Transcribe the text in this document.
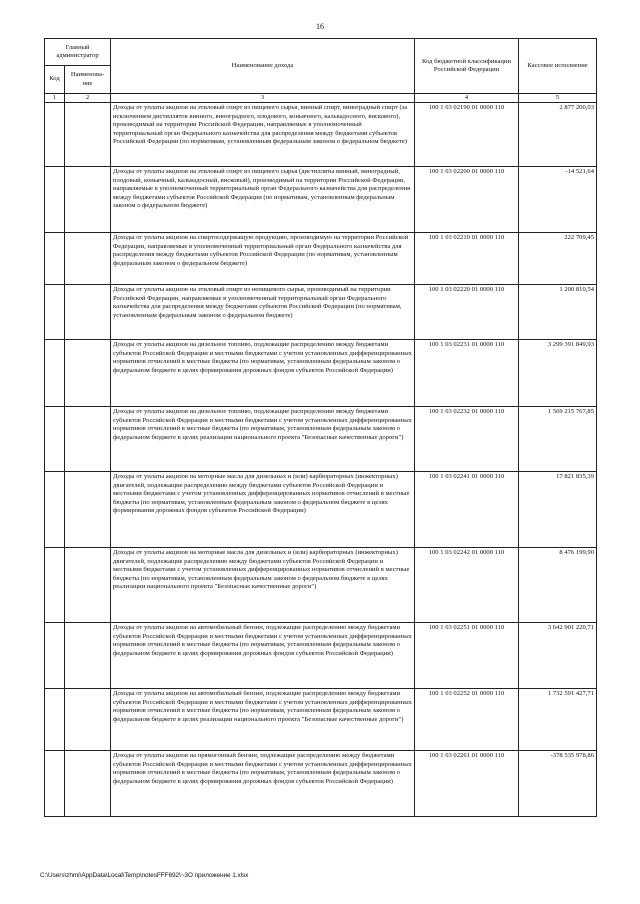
16
Главный администратор		Наименование дохода	Код бюджетной классификации Российской Федерации	Кассовое исполнение
Код	Наименова-ние			
1	2	3	4	5
		Доходы от уплаты акцизов на этиловый спирт из пищевого сырья, винный спирт, виноградный спирт (за исключением дистиллятов винного, виноградного, плодового, коньячного, кальвадосного, вискового), производимый на территории Российской Федерации, направляемые в уполномоченный территориальный орган Федерального казначейства для распределения между бюджетами субъектов Российской Федерации (по нормативам, установленным федеральным законом о федеральном бюджете)	100 1 03 02190 01 0000 110	2 877 200,03
		Доходы от уплаты акцизов на этиловый спирт из пищевого сырья (дистилляты винный, виноградный, плодовый, коньячный, кальвадосный, висковый), производимый на территории Российской Федерации, направляемые в уполномоченный территориальный орган Федерального казначейства для распределения между бюджетами субъектов Российской Федерации (по нормативам, установленным федеральным законом о федеральном бюджете)	100 1 03 02200 01 0000 110	-14 521,64
		Доходы от уплаты акцизов на спиртосодержащую продукцию, производимую на территории Российской Федерации, направляемые в уполномоченный территориальный орган Федерального казначейства для распределения между бюджетами субъектов Российской Федерации (по нормативам, установленным федеральным законом о федеральном бюджете)	100 1 03 02210 01 0000 110	222 709,45
		Доходы от уплаты акцизов на этиловый спирт из непищевого сырья, производимый на территории Российской Федерации, направляемые в уполномоченный территориальный орган Федерального казначейства для распределения между бюджетами субъектов Российской Федерации (по нормативам, установленным федеральным законом о федеральном бюджете)	100 1 03 02220 01 0000 110	1 200 810,54
		Доходы от уплаты акцизов на дизельное топливо, подлежащие распределению между бюджетами субъектов Российской Федерации и местными бюджетами с учетом установленных дифференцированных нормативов отчислений в местные бюджеты (по нормативам, установленным федеральным законом о федеральном бюджете в целях формирования дорожных фондов субъектов Российской Федерации)	100 1 03 02231 01 0000 110	3 299 391 849,93
		Доходы от уплаты акцизов на дизельное топливо, подлежащие распределению между бюджетами субъектов Российской Федерации и местными бюджетами с учетом установленных дифференцированных нормативов отчислений в местные бюджеты (по нормативам, установленным федеральным законом о федеральном бюджете в целях реализации национального проекта "Безопасные качественные дороги")	100 1 03 02232 01 0000 110	1 569 215 767,85
		Доходы от уплаты акцизов на моторные масла для дизельных и (или) карбюраторных (инжекторных) двигателей, подлежащие распределению между бюджетами субъектов Российской Федерации и местными бюджетами с учетом установленных дифференцированных нормативов отчислений в местные бюджеты (по нормативам, установленным федеральным законом о федеральном бюджете в целях формирования дорожных фондов субъектов Российской Федерации)	100 1 03 02241 01 0000 110	17 821 835,39
		Доходы от уплаты акцизов на моторные масла для дизельных и (или) карбюраторных (инжекторных) двигателей, подлежащие распределению между бюджетами субъектов Российской Федерации и местными бюджетами с учетом установленных дифференцированных нормативов отчислений в местные бюджеты (по нормативам, установленным федеральным законом о федеральном бюджете в целях реализации национального проекта "Безопасные качественные дороги")	100 1 03 02242 01 0000 110	8 476 199,90
		Доходы от уплаты акцизов на автомобильный бензин, подлежащие распределению между бюджетами субъектов Российской Федерации и местными бюджетами с учетом установленных дифференцированных нормативов отчислений в местные бюджеты (по нормативам, установленным федеральным законом о федеральном бюджете в целях формирования дорожных фондов субъектов Российской Федерации)	100 1 03 02251 01 0000 110	3 642 901 220,71
		Доходы от уплаты акцизов на автомобильный бензин, подлежащие распределению между бюджетами субъектов Российской Федерации и местными бюджетами с учетом установленных дифференцированных нормативов отчислений в местные бюджеты (по нормативам, установленным федеральным законом о федеральном бюджете в целях реализации национального проекта "Безопасные качественные дороги")	100 1 03 02252 01 0000 110	1 732 591 427,71
		Доходы от уплаты акцизов на прямогонный бензин, подлежащие распределению между бюджетами субъектов Российской Федерации и местными бюджетами с учетом установленных дифференцированных нормативов отчислений в местные бюджеты (по нормативам, установленным федеральным законом о федеральном бюджете в целях формирования дорожных фондов субъектов Российской Федерации)	100 1 03 02261 01 0000 110	-378 535 978,86
C:\Users\zhmi\AppData\Local\Temp\notesFFF692\~3O приложение 1.xlsx
